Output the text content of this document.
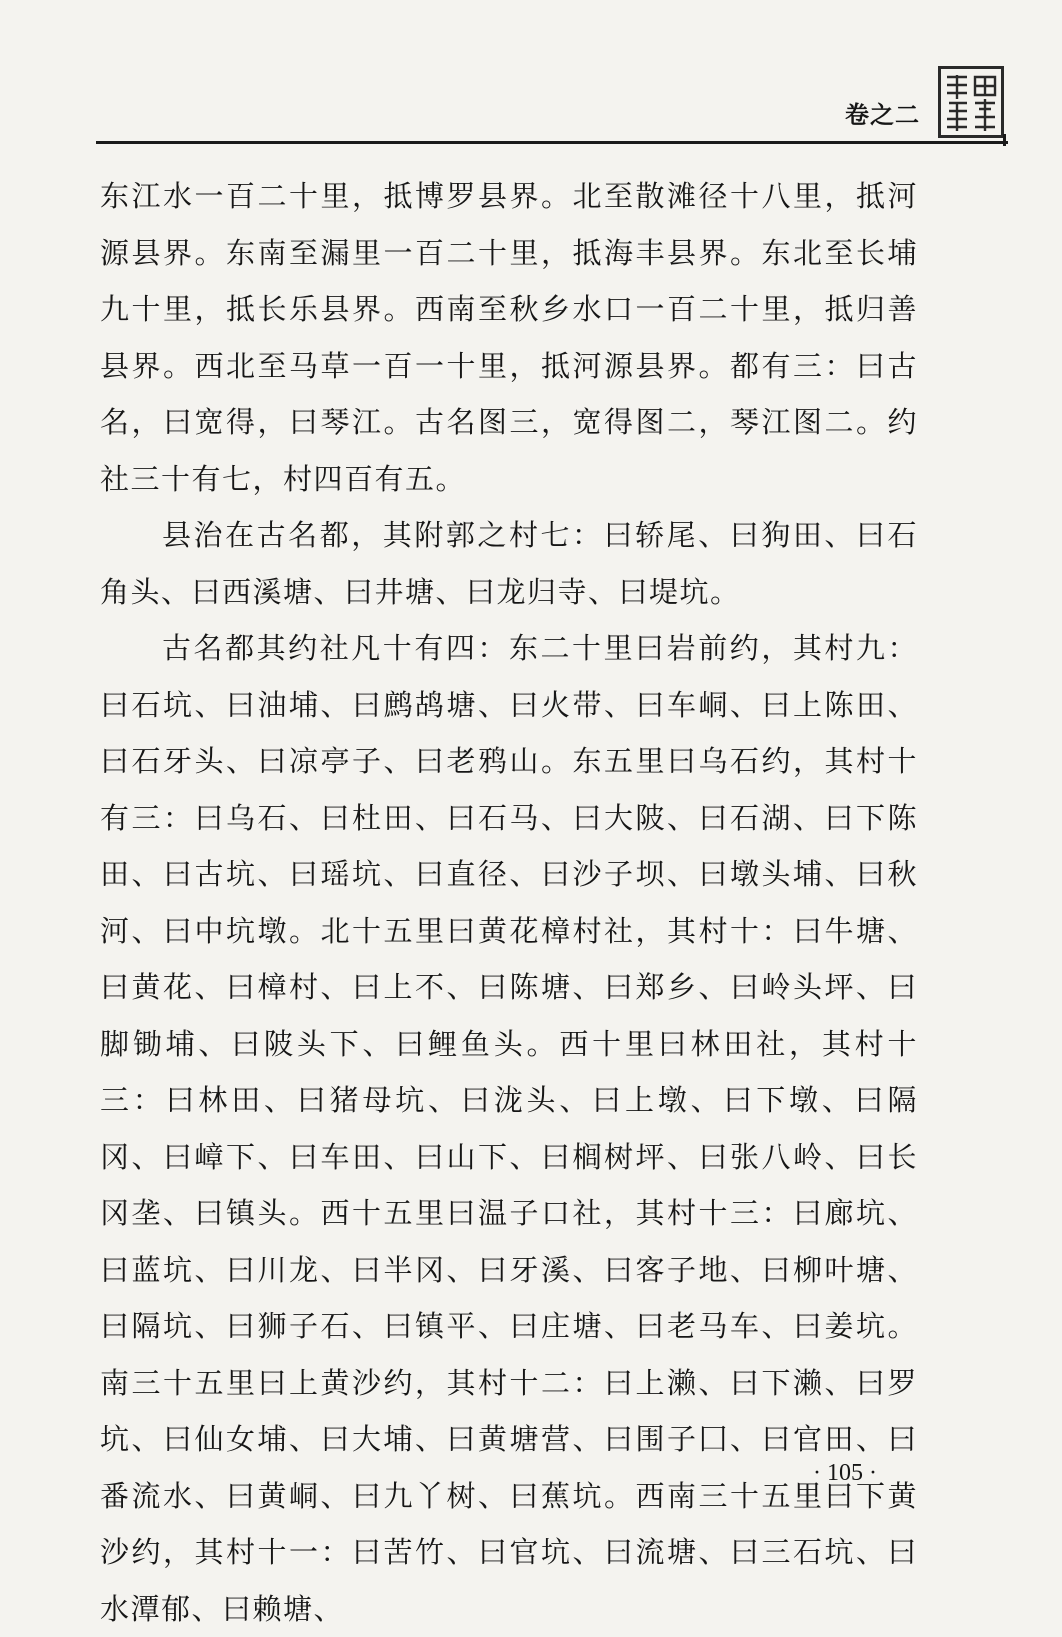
卷之二

东江水一百二十里，抵博罗县界。北至散滩径十八里，抵河源县界。东南至漏里一百二十里，抵海丰县界。东北至长埔九十里，抵长乐县界。西南至秋乡水口一百二十里，抵归善县界。西北至马草一百一十里，抵河源县界。都有三：曰古名，曰宽得，曰琴江。古名图三，宽得图二，琴江图二。约社三十有七，村四百有五。

县治在古名都，其附郭之村七：曰轿尾、曰狗田、曰石角头、曰西溪塘、曰井塘、曰龙归寺、曰堤坑。

古名都其约社凡十有四：东二十里曰岩前约，其村九：曰石坑、曰油埔、曰鹧鸪塘、曰火带、曰车峒、曰上陈田、曰石牙头、曰凉亭子、曰老鸦山。东五里曰乌石约，其村十有三：曰乌石、曰杜田、曰石马、曰大陂、曰石湖、曰下陈田、曰古坑、曰瑶坑、曰直径、曰沙子坝、曰墩头埔、曰秋河、曰中坑墩。北十五里曰黄花樟村社，其村十：曰牛塘、曰黄花、曰樟村、曰上不、曰陈塘、曰郑乡、曰岭头坪、曰脚锄埔、曰陂头下、曰鲤鱼头。西十里曰林田社，其村十三：曰林田、曰猪母坑、曰泷头、曰上墩、曰下墩、曰隔冈、曰嶂下、曰车田、曰山下、曰榈树坪、曰张八岭、曰长冈垄、曰镇头。西十五里曰温子口社，其村十三：曰廊坑、曰蓝坑、曰川龙、曰半冈、曰牙溪、曰客子地、曰柳叶塘、曰隔坑、曰狮子石、曰镇平、曰庄塘、曰老马车、曰姜坑。南三十五里曰上黄沙约，其村十二：曰上濑、曰下濑、曰罗坑、曰仙女埔、曰大埔、曰黄塘营、曰围子囗、曰官田、曰番流水、曰黄峒、曰九丫树、曰蕉坑。西南三十五里曰下黄沙约，其村十一：曰苦竹、曰官坑、曰流塘、曰三石坑、曰水潭郁、曰赖塘、

· 105 ·
